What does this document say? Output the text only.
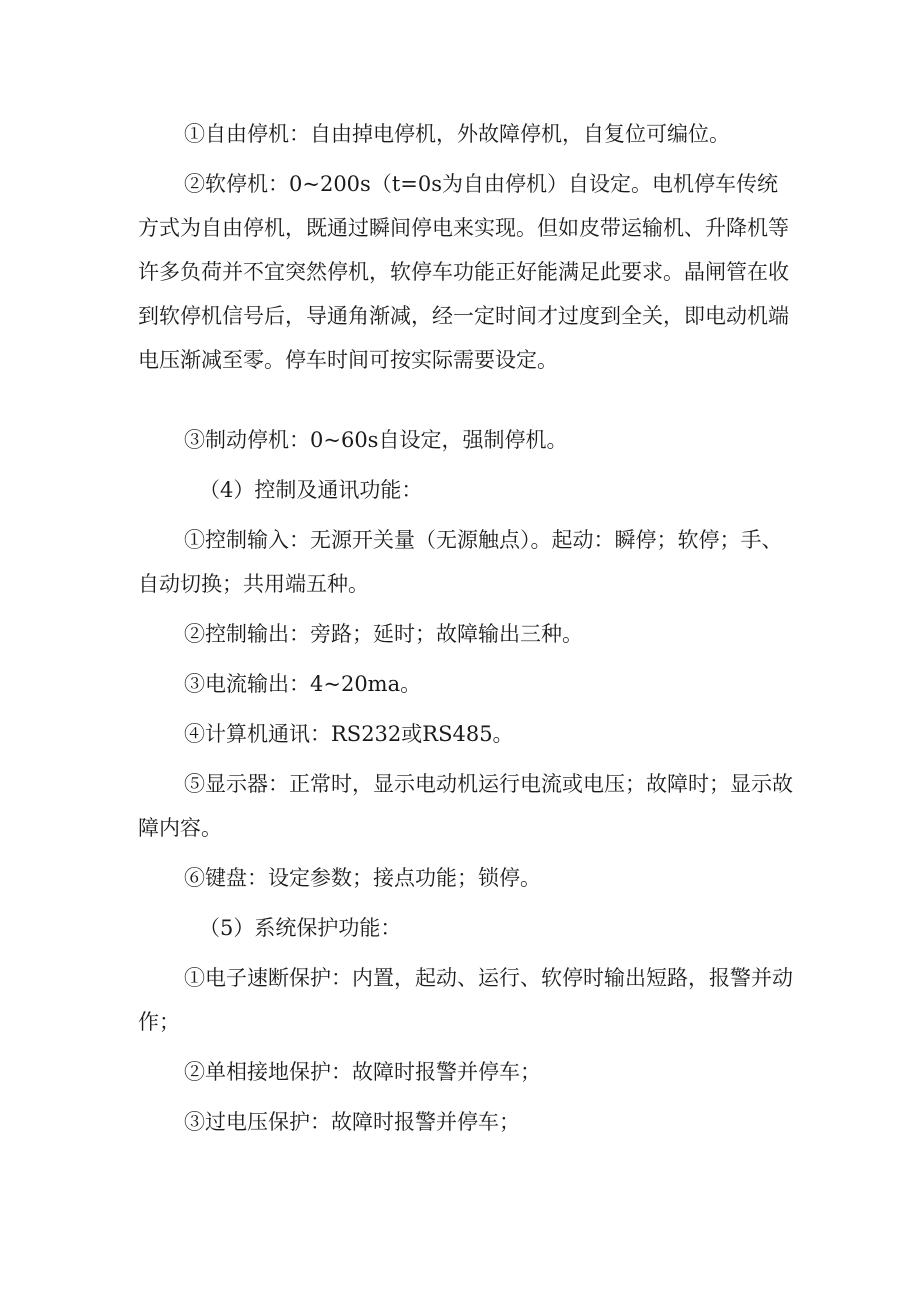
①自由停机：自由掉电停机，外故障停机，自复位可编位。

②软停机：0~200s（t=0s为自由停机）自设定。电机停车传统方式为自由停机，既通过瞬间停电来实现。但如皮带运输机、升降机等许多负荷并不宜突然停机，软停车功能正好能满足此要求。晶闸管在收到软停机信号后，导通角渐减，经一定时间才过度到全关，即电动机端电压渐减至零。停车时间可按实际需要设定。

③制动停机：0~60s自设定，强制停机。

（4）控制及通讯功能：

①控制输入：无源开关量（无源触点）。起动：瞬停；软停；手、自动切换；共用端五种。

②控制输出：旁路；延时；故障输出三种。

③电流输出：4~20ma。

④计算机通讯：RS232或RS485。

⑤显示器：正常时，显示电动机运行电流或电压；故障时；显示故障内容。

⑥键盘：设定参数；接点功能；锁停。

（5）系统保护功能：

①电子速断保护：内置，起动、运行、软停时输出短路，报警并动作；

②单相接地保护：故障时报警并停车；

③过电压保护：故障时报警并停车；
